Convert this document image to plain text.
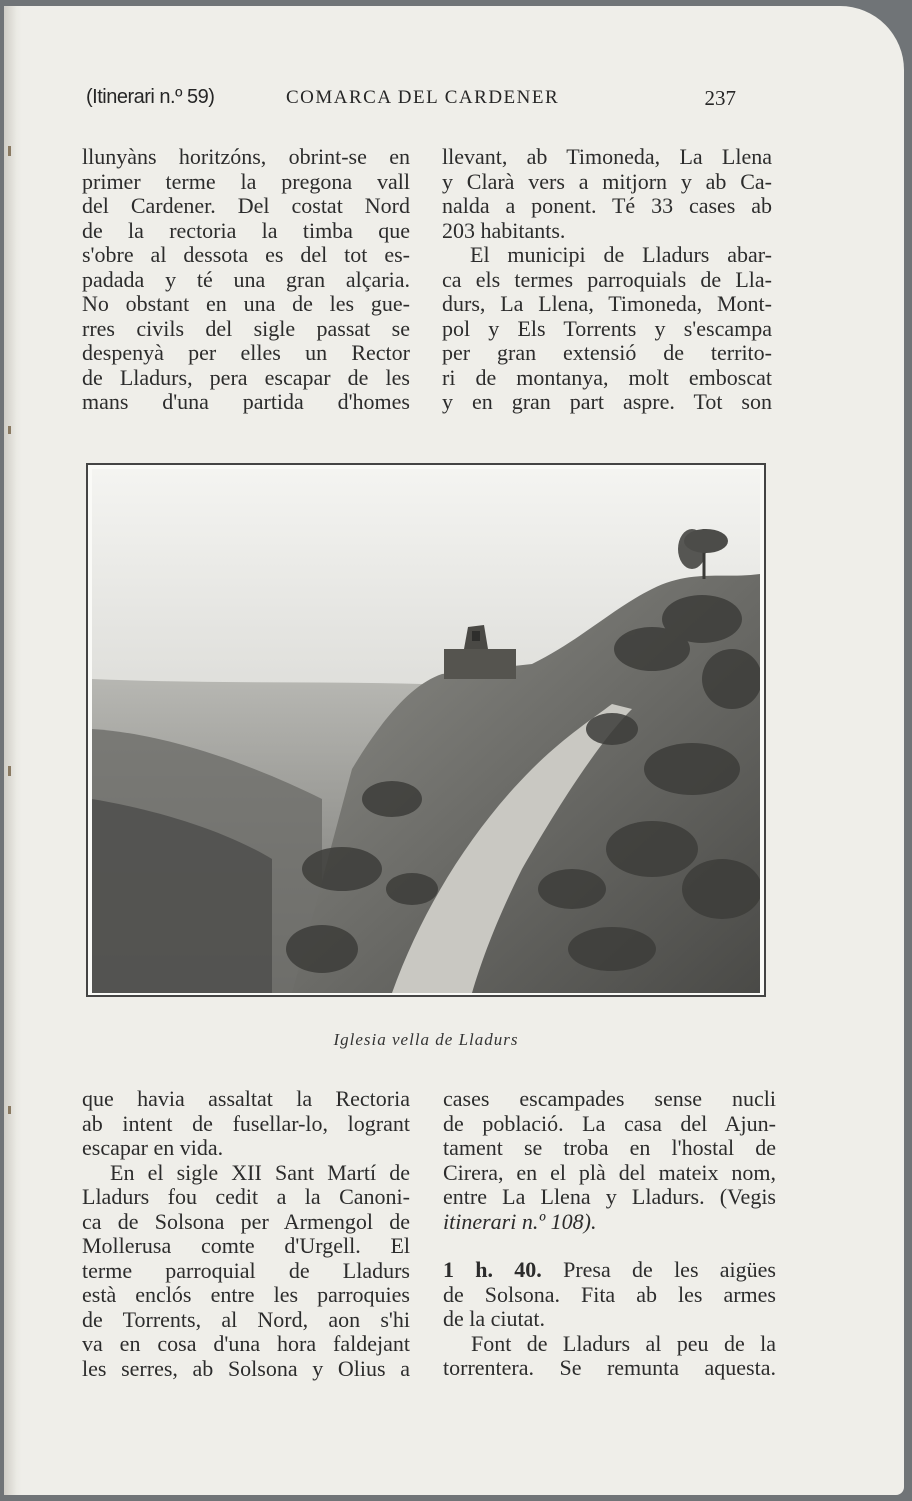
(Itinerari n.º 59)	COMARCA DEL CARDENER	237
llunyàns horitzóns, obrint-se en
primer terme la pregona vall
del Cardener. Del costat Nord
de la rectoria la timba que
s'obre al dessota es del tot es-
padada y té una gran alçaria.
No obstant en una de les gue-
rres civils del sigle passat se
despenyà per elles un Rector
de Lladurs, pera escapar de les
mans d'una partida d'homes
llevant, ab Timoneda, La Llena
y Clarà vers a mitjorn y ab Ca-
nalda a ponent. Té 33 cases ab
203 habitants.
El municipi de Lladurs abar-
ca els termes parroquials de Lla-
durs, La Llena, Timoneda, Mont-
pol y Els Torrents y s'escampa
per gran extensió de territo-
ri de montanya, molt emboscat
y en gran part aspre. Tot son
Iglesia vella de Lladurs
que havia assaltat la Rectoria
ab intent de fusellar-lo, logrant
escapar en vida.
En el sigle XII Sant Martí de
Lladurs fou cedit a la Canoni-
ca de Solsona per Armengol de
Mollerusa comte d'Urgell. El
terme parroquial de Lladurs
està enclós entre les parroquies
de Torrents, al Nord, aon s'hi
va en cosa d'una hora faldejant
les serres, ab Solsona y Olius a
cases escampades sense nucli
de població. La casa del Ajun-
tament se troba en l'hostal de
Cirera, en el plà del mateix nom,
entre La Llena y Lladurs. (Vegis
itinerari n.º 108).
1 h. 40. Presa de les aigües
de Solsona. Fita ab les armes
de la ciutat.
Font de Lladurs al peu de la
torrentera. Se remunta aquesta.
